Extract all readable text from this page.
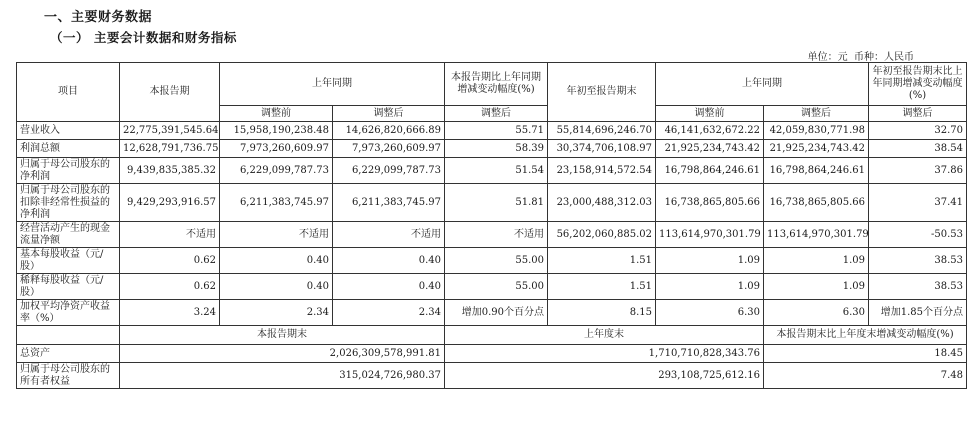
一、主要财务数据
（一） 主要会计数据和财务指标
单位：元  币种：人民币
项目	本报告期	上年同期		本报告期比上年同期增减变动幅度(%)	年初至报告期末	上年同期		年初至报告期末比上年同期增减变动幅度(%)
		调整前	调整后	调整后		调整前	调整后	调整后
营业收入	22,775,391,545.64	15,958,190,238.48	14,626,820,666.89	55.71	55,814,696,246.70	46,141,632,672.22	42,059,830,771.98	32.70
利润总额	12,628,791,736.75	7,973,260,609.97	7,973,260,609.97	58.39	30,374,706,108.97	21,925,234,743.42	21,925,234,743.42	38.54
归属于母公司股东的净利润	9,439,835,385.32	6,229,099,787.73	6,229,099,787.73	51.54	23,158,914,572.54	16,798,864,246.61	16,798,864,246.61	37.86
归属于母公司股东的扣除非经常性损益的净利润	9,429,293,916.57	6,211,383,745.97	6,211,383,745.97	51.81	23,000,488,312.03	16,738,865,805.66	16,738,865,805.66	37.41
经营活动产生的现金流量净额	不适用	不适用	不适用	不适用	56,202,060,885.02	113,614,970,301.79	113,614,970,301.79	-50.53
基本每股收益（元/股）	0.62	0.40	0.40	55.00	1.51	1.09	1.09	38.53
稀释每股收益（元/股）	0.62	0.40	0.40	55.00	1.51	1.09	1.09	38.53
加权平均净资产收益率（%）	3.24	2.34	2.34	增加0.90个百分点	8.15	6.30	6.30	增加1.85个百分点
	本报告期末			上年度末			本报告期末比上年度末增减变动幅度(%)	
总资产	2,026,309,578,991.81			1,710,710,828,343.76			18.45	
归属于母公司股东的所有者权益	315,024,726,980.37			293,108,725,612.16			7.48	
